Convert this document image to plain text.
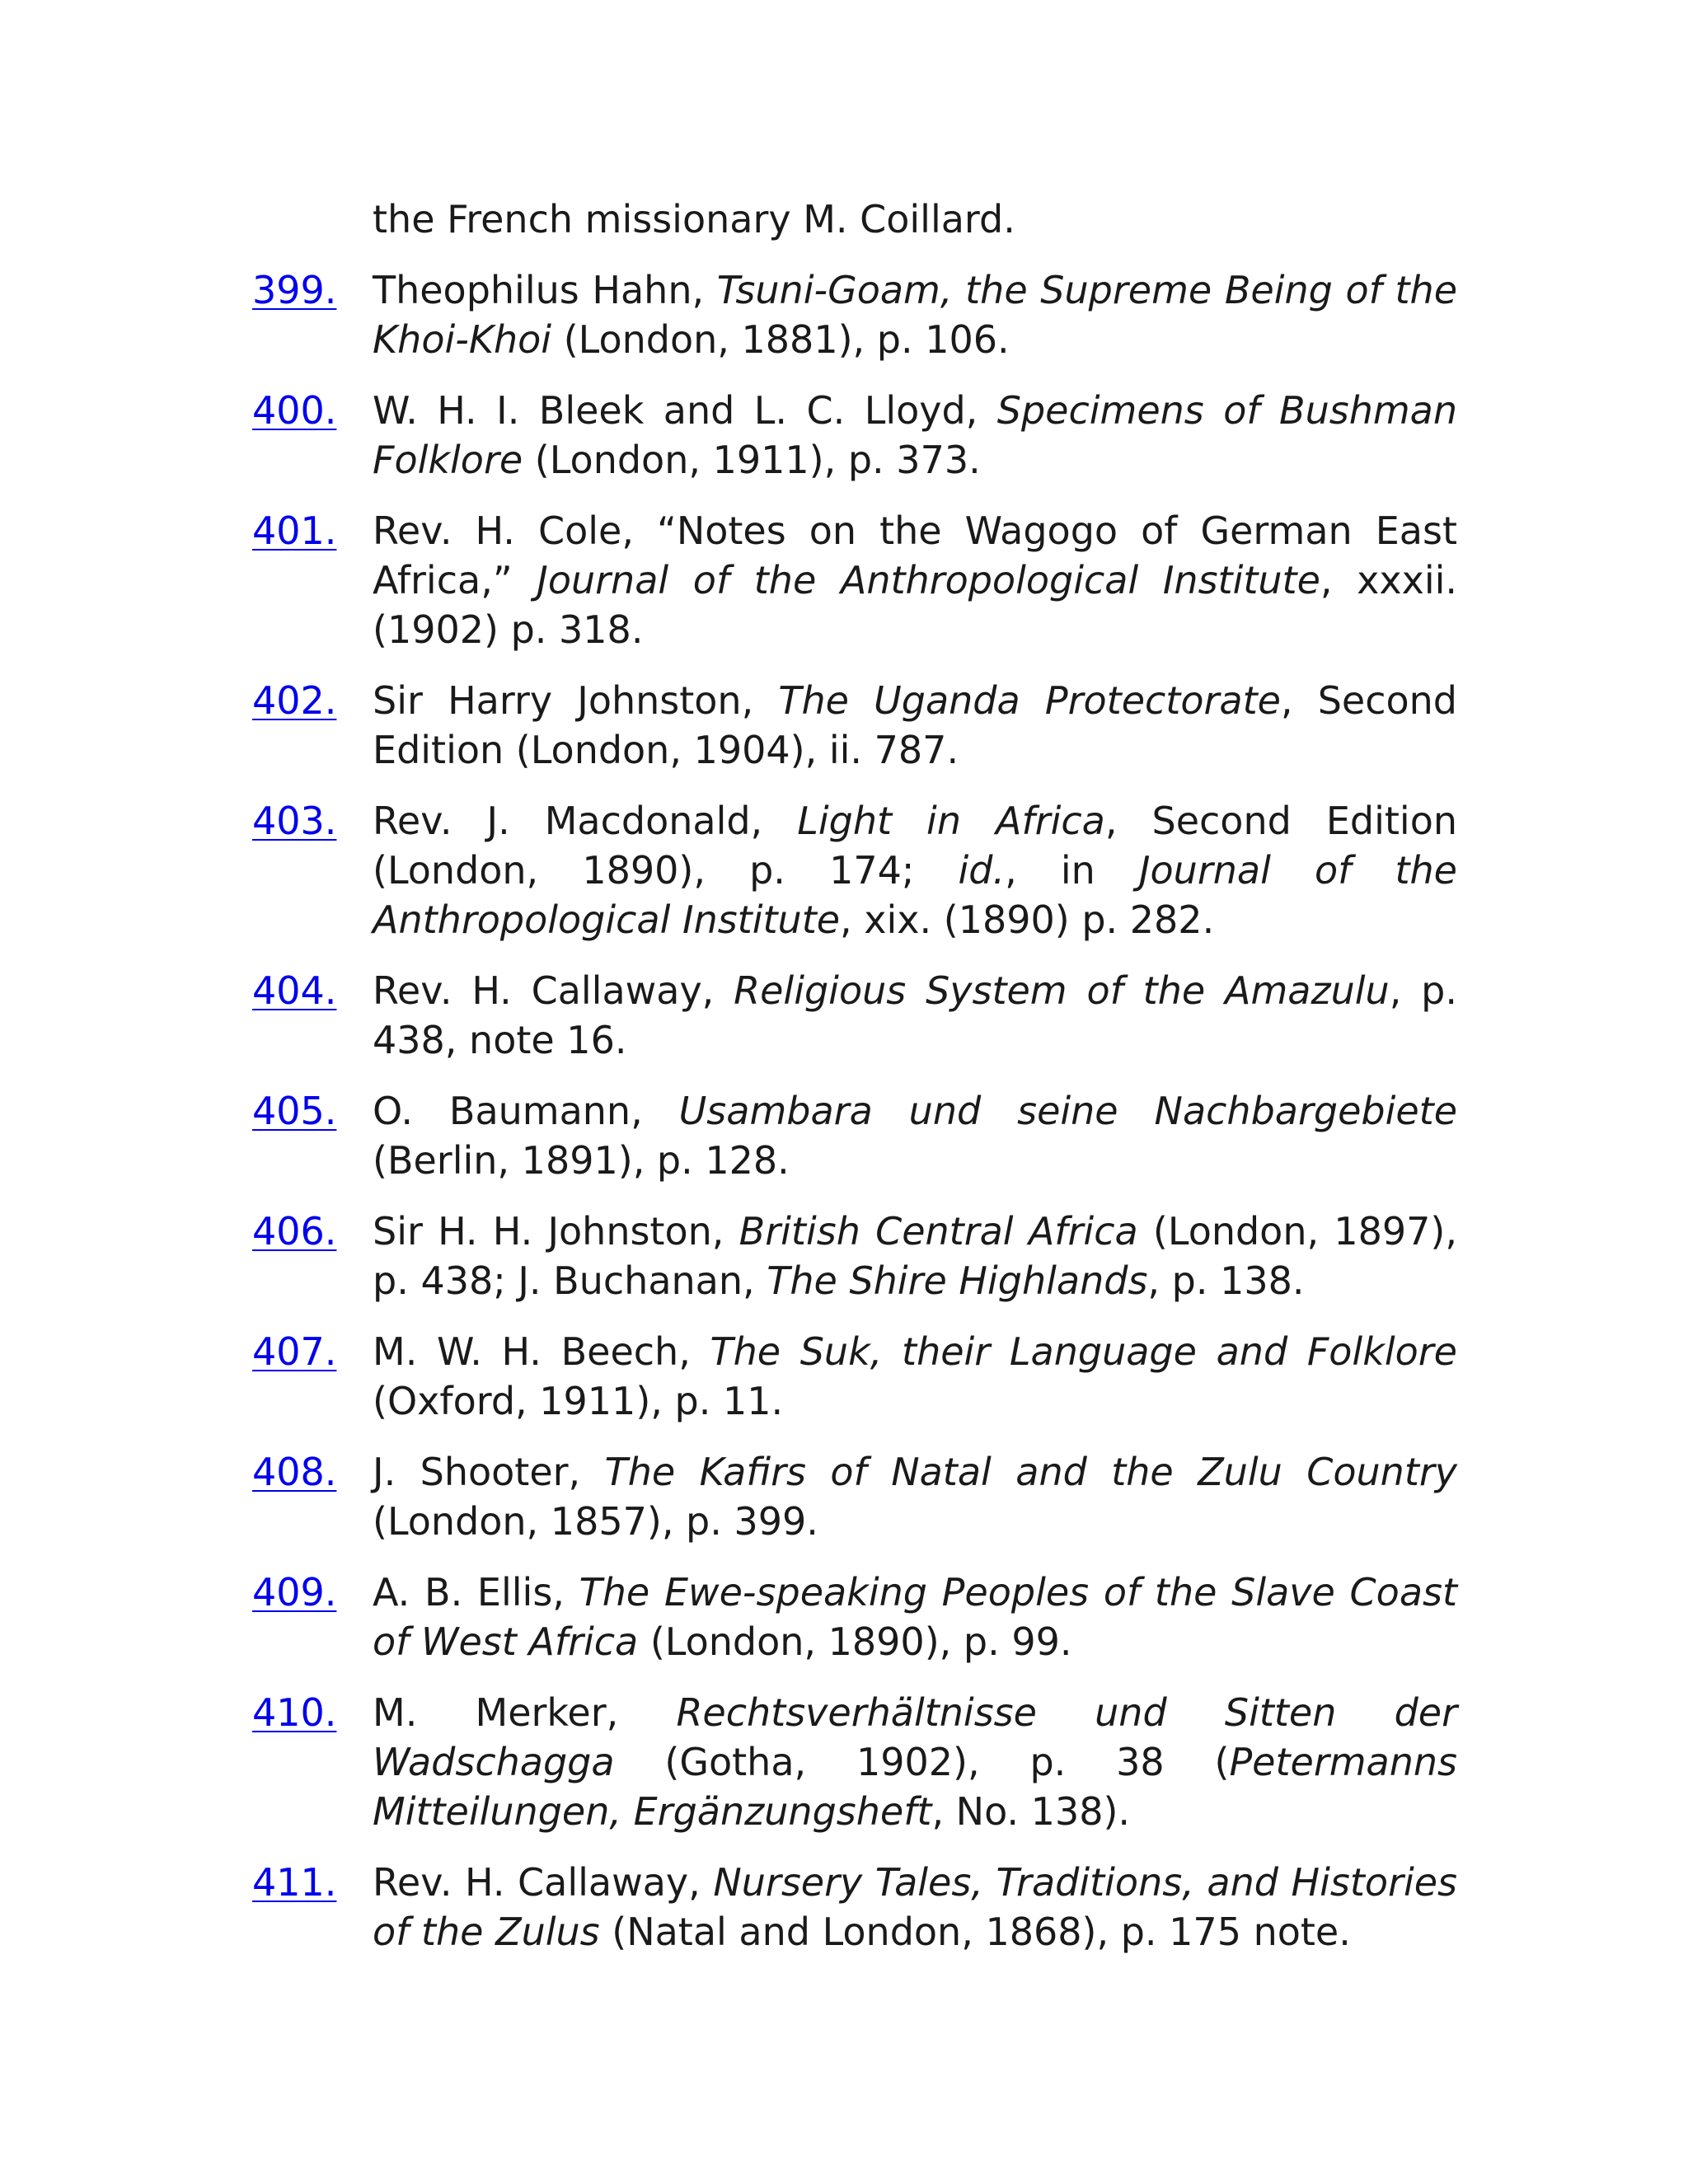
the French missionary M. Coillard.
399. Theophilus Hahn, Tsuni-Goam, the Supreme Being of the Khoi-Khoi (London, 1881), p. 106.
400. W. H. I. Bleek and L. C. Lloyd, Specimens of Bushman Folklore (London, 1911), p. 373.
401. Rev. H. Cole, “Notes on the Wagogo of German East Africa,” Journal of the Anthropological Institute, xxxii. (1902) p. 318.
402. Sir Harry Johnston, The Uganda Protectorate, Second Edition (London, 1904), ii. 787.
403. Rev. J. Macdonald, Light in Africa, Second Edition (London, 1890), p. 174; id., in Journal of the Anthropological Institute, xix. (1890) p. 282.
404. Rev. H. Callaway, Religious System of the Amazulu, p. 438, note 16.
405. O. Baumann, Usambara und seine Nachbargebiete (Berlin, 1891), p. 128.
406. Sir H. H. Johnston, British Central Africa (London, 1897), p. 438; J. Buchanan, The Shire Highlands, p. 138.
407. M. W. H. Beech, The Suk, their Language and Folklore (Oxford, 1911), p. 11.
408. J. Shooter, The Kafirs of Natal and the Zulu Country (London, 1857), p. 399.
409. A. B. Ellis, The Ewe-speaking Peoples of the Slave Coast of West Africa (London, 1890), p. 99.
410. M. Merker, Rechtsverhältnisse und Sitten der Wadschagga (Gotha, 1902), p. 38 (Petermanns Mitteilungen, Ergänzungsheft, No. 138).
411. Rev. H. Callaway, Nursery Tales, Traditions, and Histories of the Zulus (Natal and London, 1868), p. 175 note.
